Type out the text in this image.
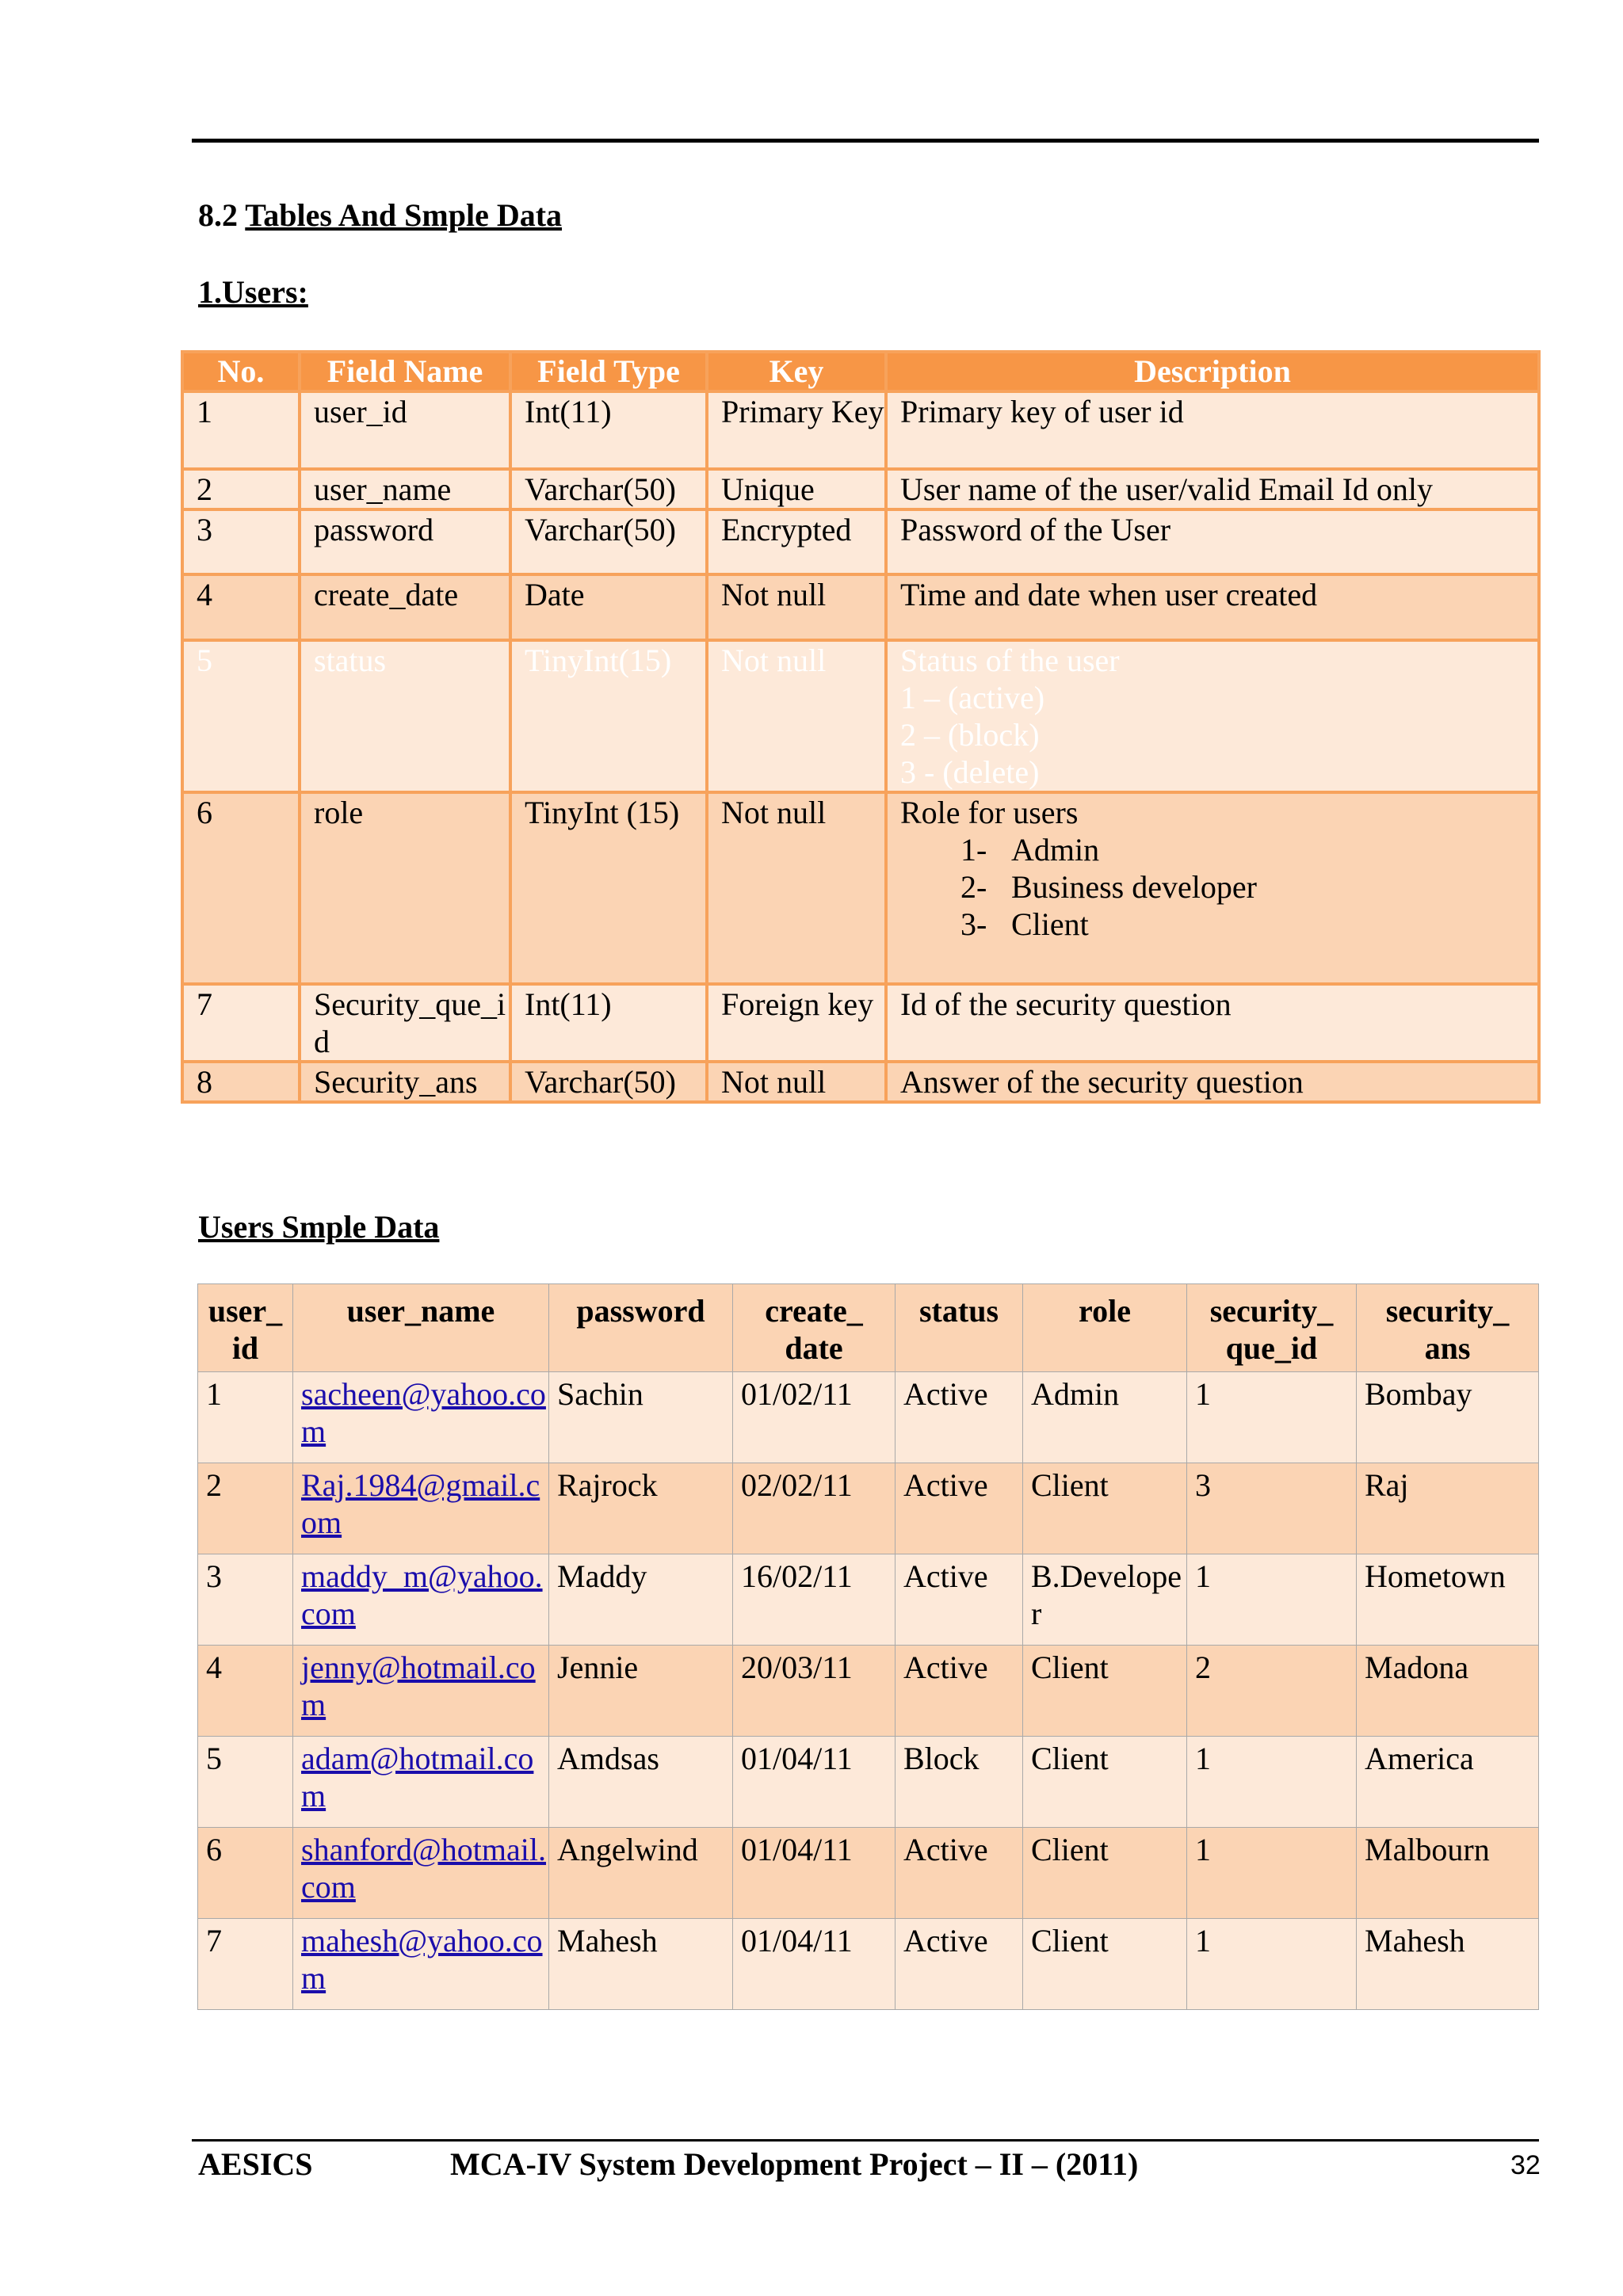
8.2 Tables And Smple Data
1.Users:
No.	Field Name	Field Type	Key	Description
1	user_id	Int(11)	Primary Key	Primary key of user id
2	user_name	Varchar(50)	Unique	User name of the user/valid Email Id only
3	password	Varchar(50)	Encrypted	Password of the User
4	create_date	Date	Not null	Time and date when user created
5	status	TinyInt(15)	Not null	Status of the user
1 – (active)
2 – (block)
3 - (delete)

6	role	TinyInt (15)	Not null	Role for users
1- Admin
2- Business developer
3- Client

7	Security_que_id	Int(11)	Foreign key	Id of the security question
8	Security_ans	Varchar(50)	Not null	Answer of the security question
Users Smple Data
user_ id	user_name	password	create_ date	status	role	security_ que_id	security_ ans
1	sacheen@yahoo.com	Sachin	01/02/11	Active	Admin	1	Bombay
2	Raj.1984@gmail.com	Rajrock	02/02/11	Active	Client	3	Raj
3	maddy_m@yahoo.com	Maddy	16/02/11	Active	B.Developer	1	Hometown
4	jenny@hotmail.com	Jennie	20/03/11	Active	Client	2	Madona
5	adam@hotmail.com	Amdsas	01/04/11	Block	Client	1	America
6	shanford@hotmail.com	Angelwind	01/04/11	Active	Client	1	Malbourn
7	mahesh@yahoo.com	Mahesh	01/04/11	Active	Client	1	Mahesh
AESICS	MCA-IV System Development Project – II – (2011)	32
